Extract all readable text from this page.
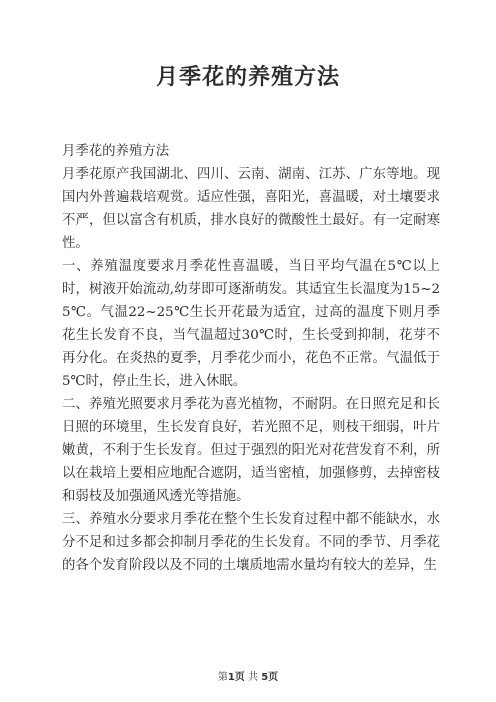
月季花的养殖方法

月季花的养殖方法

月季花原产我国湖北、四川、云南、湖南、江苏、广东等地。现国内外普遍栽培观赏。适应性强，喜阳光，喜温暖，对土壤要求不严，但以富含有机质，排水良好的微酸性土最好。有一定耐寒性。

一、养殖温度要求月季花性喜温暖，当日平均气温在5℃以上时，树液开始流动,幼芽即可逐渐萌发。其适宜生长温度为15~25℃。气温22~25℃生长开花最为适宜，过高的温度下则月季花生长发育不良，当气温超过30℃时，生长受到抑制，花芽不再分化。在炎热的夏季，月季花少而小，花色不正常。气温低于5℃时，停止生长，进入休眠。

二、养殖光照要求月季花为喜光植物，不耐阴。在日照充足和长日照的环境里，生长发育良好，若光照不足，则枝干细弱，叶片嫩黄，不利于生长发育。但过于强烈的阳光对花营发育不利，所以在栽培上要相应地配合遮阴，适当密植，加强修剪，去掉密枝和弱枝及加强通风透光等措施。

三、养殖水分要求月季花在整个生长发育过程中都不能缺水，水分不足和过多都会抑制月季花的生长发育。不同的季节、月季花的各个发育阶段以及不同的土壤质地需水量均有较大的差异，生

第1页 共 5页
